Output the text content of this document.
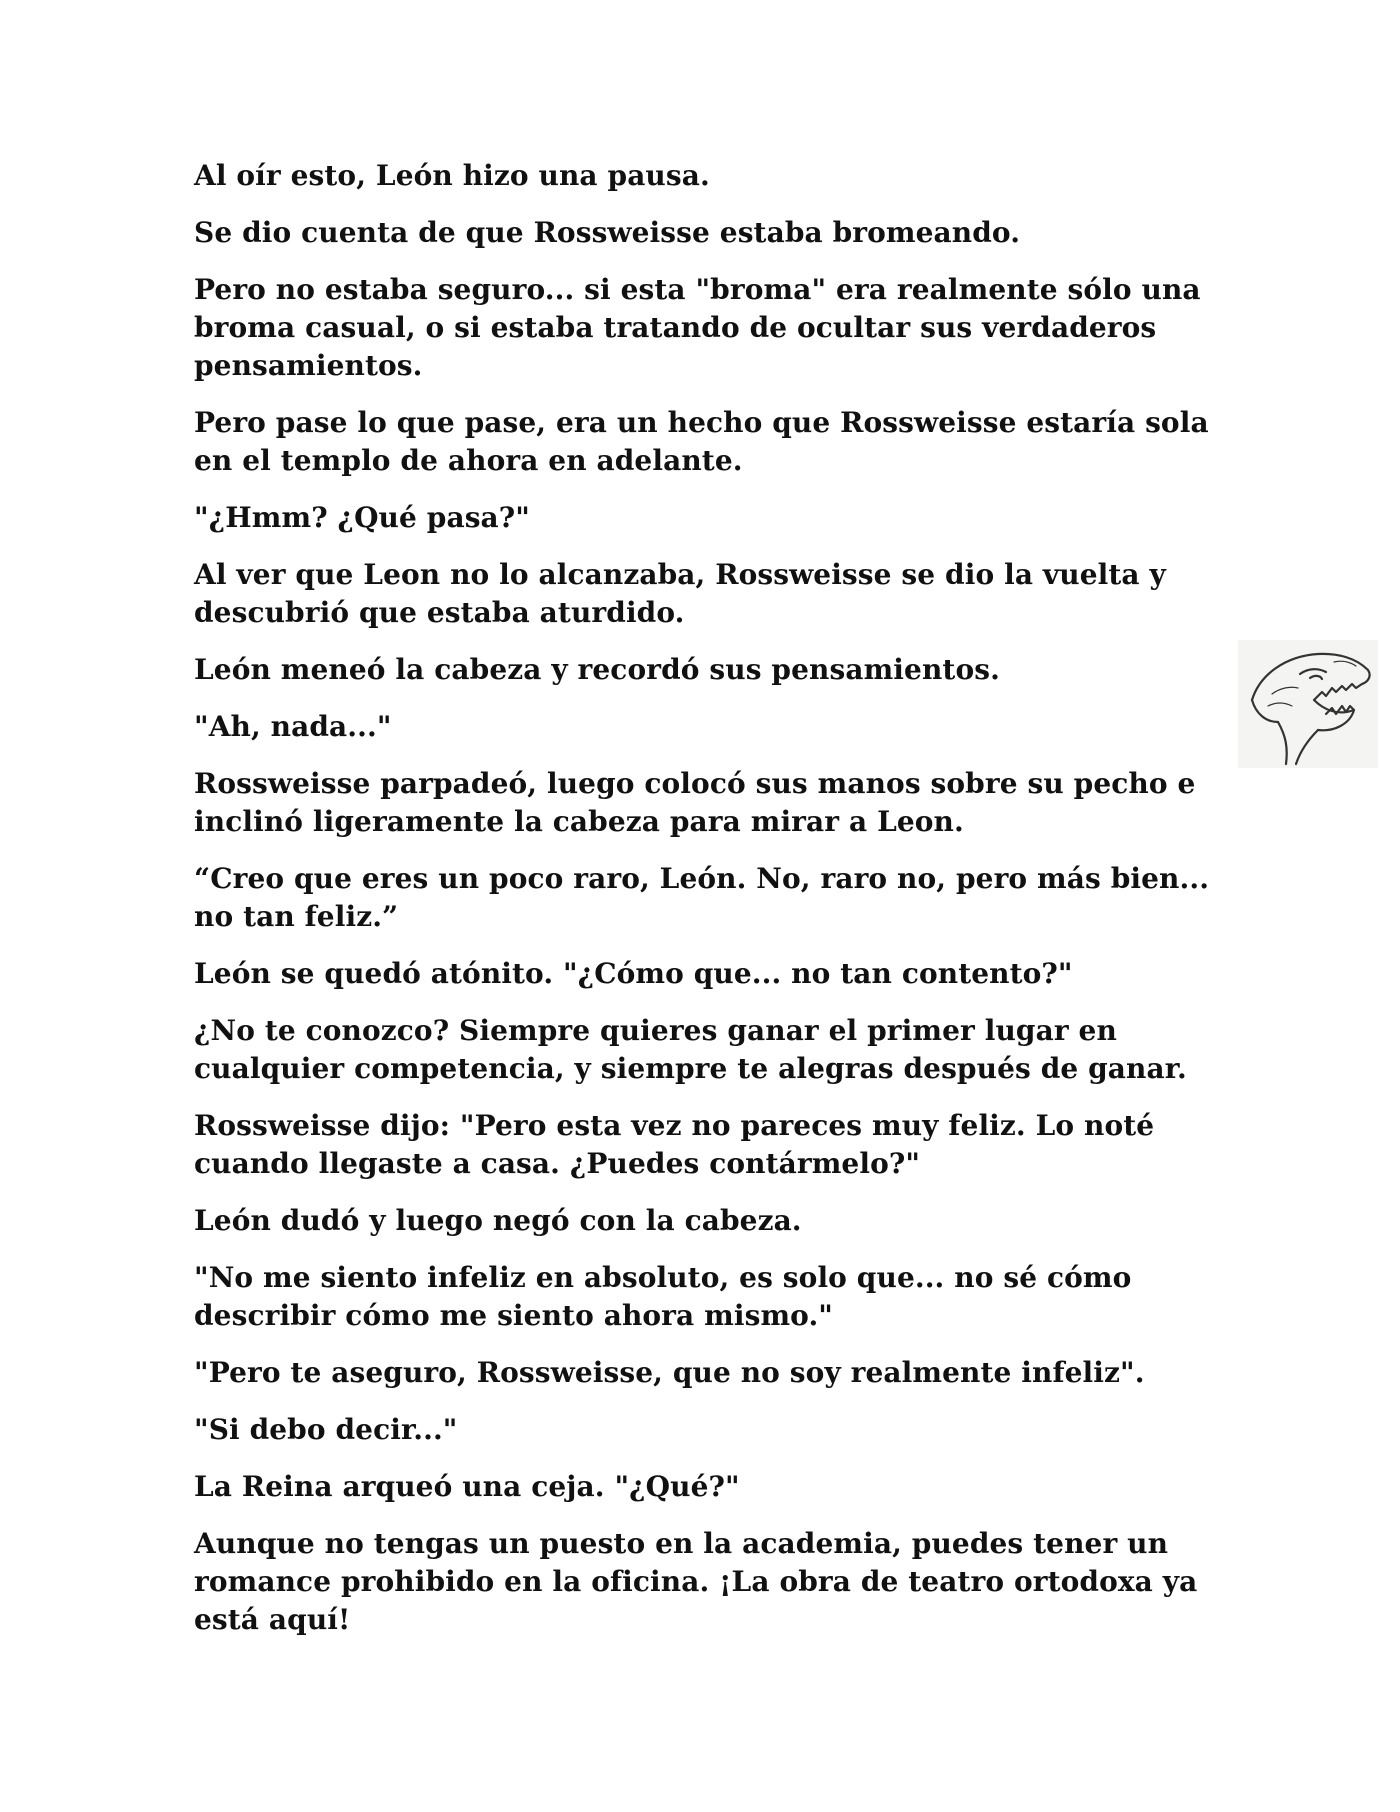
Al oír esto, León hizo una pausa.

Se dio cuenta de que Rossweisse estaba bromeando.

Pero no estaba seguro... si esta "broma" era realmente sólo una broma casual, o si estaba tratando de ocultar sus verdaderos pensamientos.

Pero pase lo que pase, era un hecho que Rossweisse estaría sola en el templo de ahora en adelante.

"¿Hmm? ¿Qué pasa?"

Al ver que Leon no lo alcanzaba, Rossweisse se dio la vuelta y descubrió que estaba aturdido.

León meneó la cabeza y recordó sus pensamientos.

"Ah, nada..."

Rossweisse parpadeó, luego colocó sus manos sobre su pecho e inclinó ligeramente la cabeza para mirar a Leon.

“Creo que eres un poco raro, León. No, raro no, pero más bien... no tan feliz.”

León se quedó atónito. "¿Cómo que... no tan contento?"

¿No te conozco? Siempre quieres ganar el primer lugar en cualquier competencia, y siempre te alegras después de ganar.

Rossweisse dijo: "Pero esta vez no pareces muy feliz. Lo noté cuando llegaste a casa. ¿Puedes contármelo?"

León dudó y luego negó con la cabeza.

"No me siento infeliz en absoluto, es solo que... no sé cómo describir cómo me siento ahora mismo."

"Pero te aseguro, Rossweisse, que no soy realmente infeliz".

"Si debo decir..."

La Reina arqueó una ceja. "¿Qué?"

Aunque no tengas un puesto en la academia, puedes tener un romance prohibido en la oficina. ¡La obra de teatro ortodoxa ya está aquí!
